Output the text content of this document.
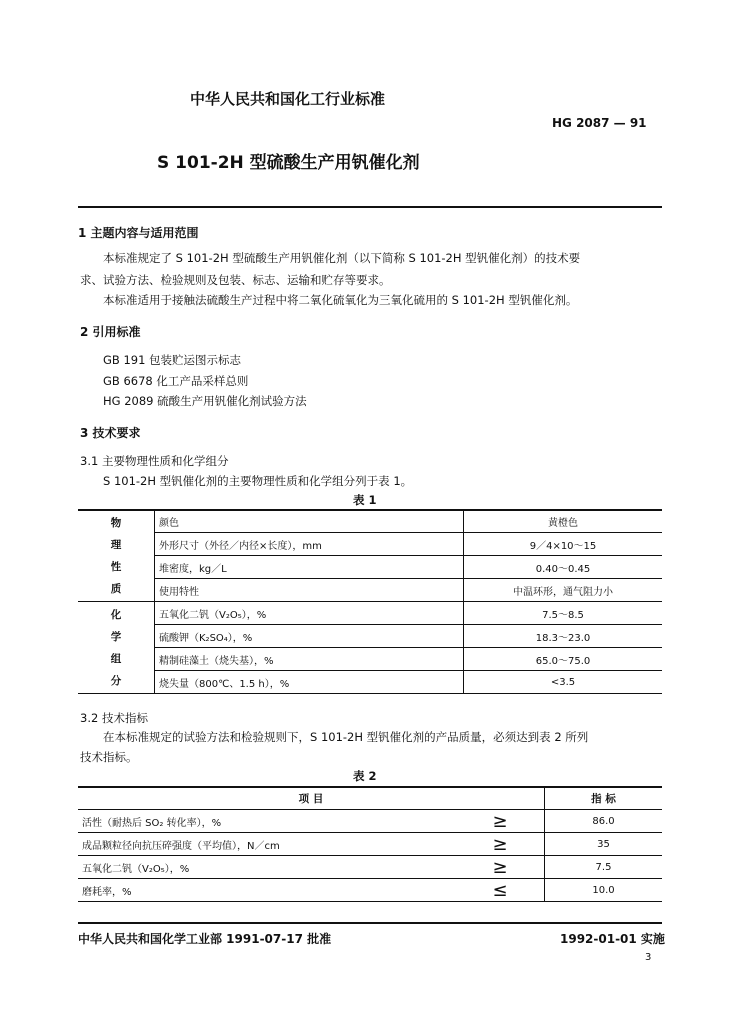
中华人民共和国化工行业标准
HG 2087 — 91
S 101-2H 型硫酸生产用钒催化剂
1 主题内容与适用范围
本标准规定了 S 101-2H 型硫酸生产用钒催化剂（以下简称 S 101-2H 型钒催化剂）的技术要
求、试验方法、检验规则及包装、标志、运输和贮存等要求。
本标准适用于接触法硫酸生产过程中将二氧化硫氧化为三氧化硫用的 S 101-2H 型钒催化剂。
2 引用标准
GB 191 包装贮运图示标志
GB 6678 化工产品采样总则
HG 2089 硫酸生产用钒催化剂试验方法
3 技术要求
3.1 主要物理性质和化学组分
S 101-2H 型钒催化剂的主要物理性质和化学组分列于表 1。
表 1
物
理
性
质	颜色	黄橙色
	外形尺寸（外径／内径×长度），mm	9／4×10～15
	堆密度，kg／L	0.40～0.45
	使用特性	中温环形，通气阻力小

化
学
组
分	五氧化二钒（V₂O₅），%	7.5～8.5
	硫酸钾（K₂SO₄），%	18.3～23.0
	精制硅藻土（烧失基），%	65.0～75.0
	烧失量（800℃、1.5 h），%	<3.5
3.2 技术指标
在本标准规定的试验方法和检验规则下，S 101-2H 型钒催化剂的产品质量，必须达到表 2 所列
技术指标。
表 2
项 目		指 标
活性（耐热后 SO₂ 转化率），%	≥	86.0
成品颗粒径向抗压碎强度（平均值），N／cm	≥	35
五氧化二钒（V₂O₅），%	≥	7.5
磨耗率，%	≤	10.0
中华人民共和国化学工业部 1991-07-17 批准	1992-01-01 实施
3
